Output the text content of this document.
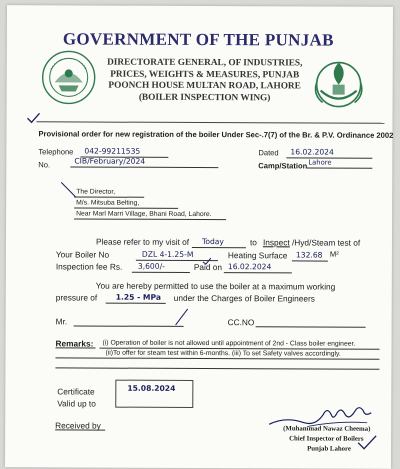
GOVERNMENT OF THE PUNJAB
DIRECTORATE GENERAL, OF INDUSTRIES,
PRICES, WEIGHTS & MEASURES, PUNJAB
POONCH HOUSE MULTAN ROAD, LAHORE
(BOILER INSPECTION WING)
Provisional order for new registration of the boiler Under Sec-.7(7) of the Br. & P.V. Ordinance 2002
Telephone 042-99211535	Dated 16.02.2024
No.	CIB/February/2024
Camp/Station Lahore
The Director,
M/s. Mitsuba Belting,
Near Marl Marri Village, Bhani Road, Lahore.
Please refer to my visit of Today	to Inspect /Hyd/Steam test of
Your Boiler No	DZL 4-1.25-M	Heating Surface 132.68 M²
Inspection fee Rs. 3,600/-	Paid on 16.02.2024
You are hereby permitted to use the boiler at a maximum working
pressure of 1.25 - MPa under the Charges of Boiler Engineers
Mr.	CC.NO
Remarks: (i) Operation of boiler is not allowed until appointment of 2nd - Class boiler engineer.
(ii)To offer for steam test within 6-months. (iii) To set Safety valves accordingly.
Certificate
Valid up to
15.08.2024
Received by	(Muhammad Nawaz Cheema)
Chief Inspector of Boilers
Punjab Lahore
